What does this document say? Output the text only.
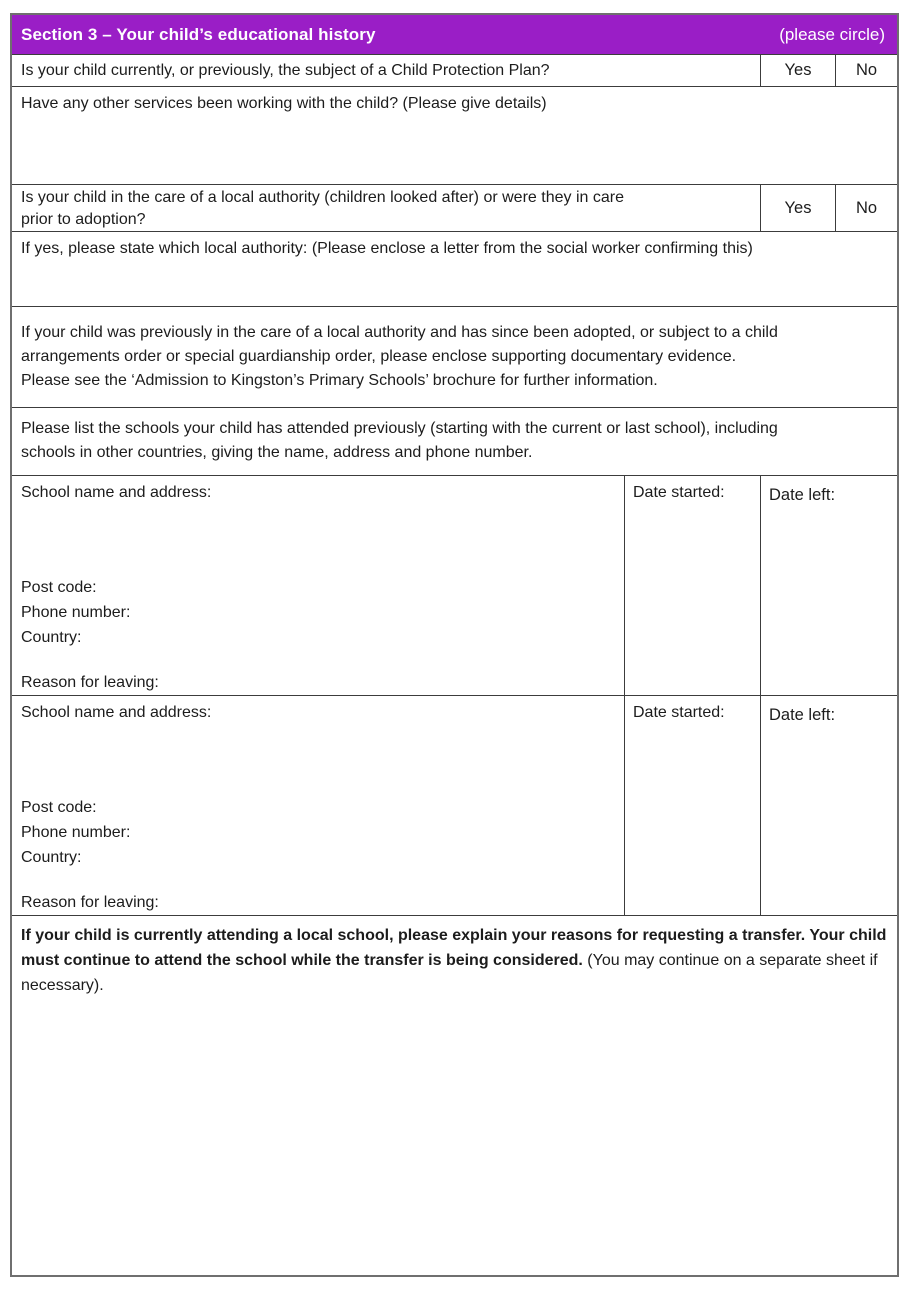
Section 3 – Your child’s educational history	(please circle)
Is your child currently, or previously, the subject of a Child Protection Plan?	Yes	No
Have any other services been working with the child? (Please give details)
Is your child in the care of a local authority (children looked after) or were they in care
prior to adoption?
Yes	No
If yes, please state which local authority: (Please enclose a letter from the social worker confirming this)
If your child was previously in the care of a local authority and has since been adopted, or subject to a child
arrangements order or special guardianship order, please enclose supporting documentary evidence.
Please see the ‘Admission to Kingston’s Primary Schools’ brochure for further information.
Please list the schools your child has attended previously (starting with the current or last school), including
schools in other countries, giving the name, address and phone number.
School name and address:
Post code:
Phone number:
Country:
Reason for leaving:
Date started:	Date left:
School name and address:
Post code:
Phone number:
Country:
Reason for leaving:
Date started:	Date left:
If your child is currently attending a local school, please explain your reasons for requesting a transfer. Your child must continue to attend the school while the transfer is being considered. (You may continue on a separate sheet if necessary).
